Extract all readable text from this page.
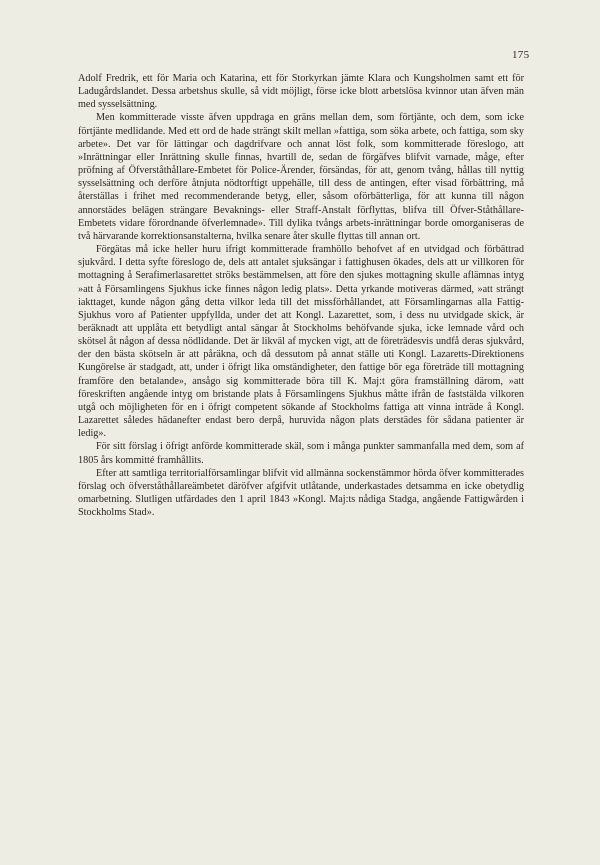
175

Adolf Fredrik, ett för Maria och Katarina, ett för Storkyrkan jämte Klara och Kungsholmen samt ett för Ladugårdslandet. Dessa arbetshus skulle, så vidt möjligt, förse icke blott arbetslösa kvinnor utan äfven män med sysselsättning.

Men kommitterade visste äfven uppdraga en gräns mellan dem, som förtjänte, och dem, som icke förtjänte medlidande. Med ett ord de hade strängt skilt mellan »fattiga, som söka arbete, och fattiga, som sky arbete». Det var för lättingar och dagdrifvare och annat löst folk, som kommitterade föreslogo, att »Inrättningar eller Inrättning skulle finnas, hvartill de, sedan de förgäfves blifvit varnade, måge, efter pröfning af Öfverståthållare-Embetet för Police-Ärender, försändas, för att, genom tvång, hållas till nyttig sysselsättning och derföre åtnjuta nödtorftigt uppehälle, till dess de antingen, efter visad förbättring, må återställas i frihet med recommenderande betyg, eller, såsom oförbätterliga, för att kunna till någon annorstädes belägen strängare Bevaknings- eller Straff-Anstalt förflyttas, blifva till Öfver-Ståthållare-Embetets vidare förordnande öfverlemnade». Till dylika tvångs arbets-inrättningar borde omorganiseras de två härvarande korrektionsanstalterna, hvilka senare åter skulle flyttas till annan ort.

Förgätas må icke heller huru ifrigt kommitterade framhöllo behofvet af en utvidgad och förbättrad sjukvård. I detta syfte föreslogo de, dels att antalet sjuksängar i fattighusen ökades, dels att ur villkoren för mottagning å Serafimerlasarettet ströks bestämmelsen, att före den sjukes mottagning skulle aflämnas intyg »att å Församlingens Sjukhus icke finnes någon ledig plats». Detta yrkande motiveras därmed, »att strängt iakttaget, kunde någon gång detta vilkor leda till det missförhållandet, att Församlingarnas alla Fattig-Sjukhus voro af Patienter uppfyllda, under det att Kongl. Lazarettet, som, i dess nu utvidgade skick, är beräknadt att upplåta ett betydligt antal sängar åt Stockholms behöfvande sjuka, icke lemnade vård och skötsel åt någon af dessa nödlidande. Det är likväl af mycken vigt, att de företrädesvis undfå deras sjukvård, der den bästa skötseln är att påräkna, och då dessutom på annat ställe uti Kongl. Lazaretts-Direktionens Kungörelse är stadgadt, att, under i öfrigt lika omständigheter, den fattige bör ega företräde till mottagning framföre den betalande», ansågo sig kommitterade böra till K. Maj:t göra framställning därom, »att föreskriften angående intyg om bristande plats å Församlingens Sjukhus måtte ifrån de faststälda vilkoren utgå och möjligheten för en i öfrigt competent sökande af Stockholms fattiga att vinna inträde å Kongl. Lazarettet således hädanefter endast bero derpå, huruvida någon plats derstädes för sådana patienter är ledig».

För sitt förslag i öfrigt anförde kommitterade skäl, som i många punkter sammanfalla med dem, som af 1805 års kommitté framhållits.

Efter att samtliga territorialförsamlingar blifvit vid allmänna sockenstämmor hörda öfver kommitterades förslag och öfverståthållareämbetet däröfver afgifvit utlåtande, underkastades detsamma en icke obetydlig omarbetning. Slutligen utfärdades den 1 april 1843 »Kongl. Maj:ts nådiga Stadga, angående Fattigwården i Stockholms Stad».
